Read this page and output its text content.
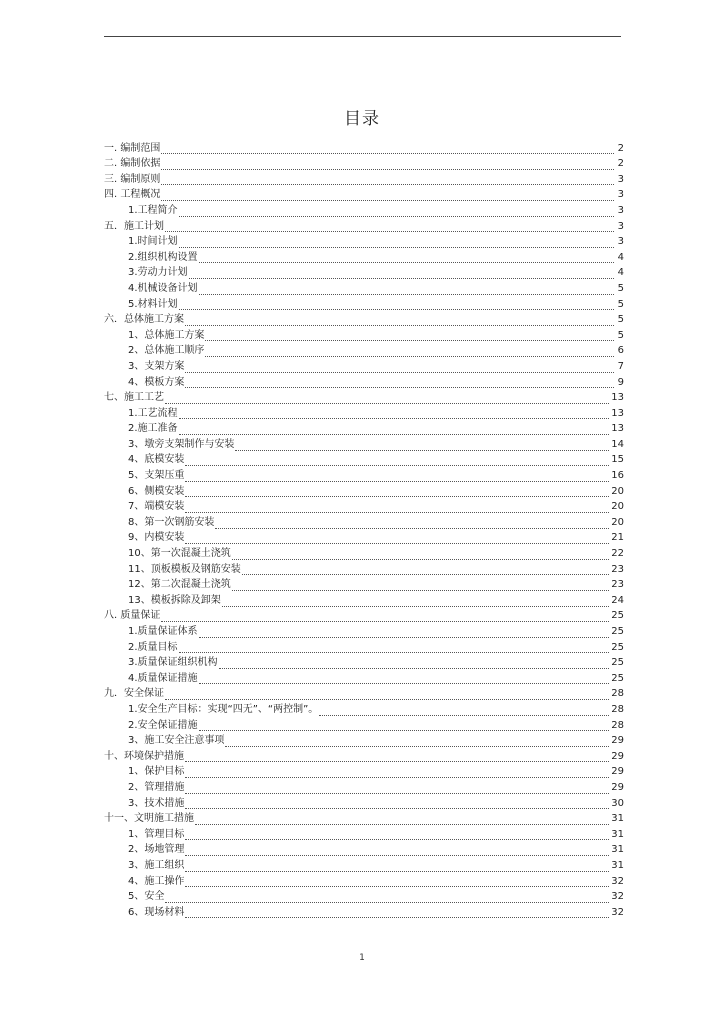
目录
一. 编制范围	2
二. 编制依据	2
三. 编制原则	3
四. 工程概况	3
1.工程简介	3
五．施工计划	3
1.时间计划	3
2.组织机构设置	4
3.劳动力计划	4
4.机械设备计划	5
5.材料计划	5
六．总体施工方案	5
1、总体施工方案	5
2、总体施工顺序	6
3、支架方案	7
4、模板方案	9
七、施工工艺	13
1.工艺流程	13
2.施工准备	13
3、墩旁支架制作与安装	14
4、底模安装	15
5、支架压重	16
6、侧模安装	20
7、端模安装	20
8、第一次钢筋安装	20
9、内模安装	21
10、第一次混凝土浇筑	22
11、顶板模板及钢筋安装	23
12、第二次混凝土浇筑	23
13、模板拆除及卸架	24
八. 质量保证	25
1.质量保证体系	25
2.质量目标	25
3.质量保证组织机构	25
4.质量保证措施	25
九．安全保证	28
1.安全生产目标：实现“四无”、“两控制”。	28
2.安全保证措施	28
3、施工安全注意事项	29
十、环境保护措施	29
1、保护目标	29
2、管理措施	29
3、技术措施	30
十一、文明施工措施	31
1、管理目标	31
2、场地管理	31
3、施工组织	31
4、施工操作	32
5、安全	32
6、现场材料	32
1
